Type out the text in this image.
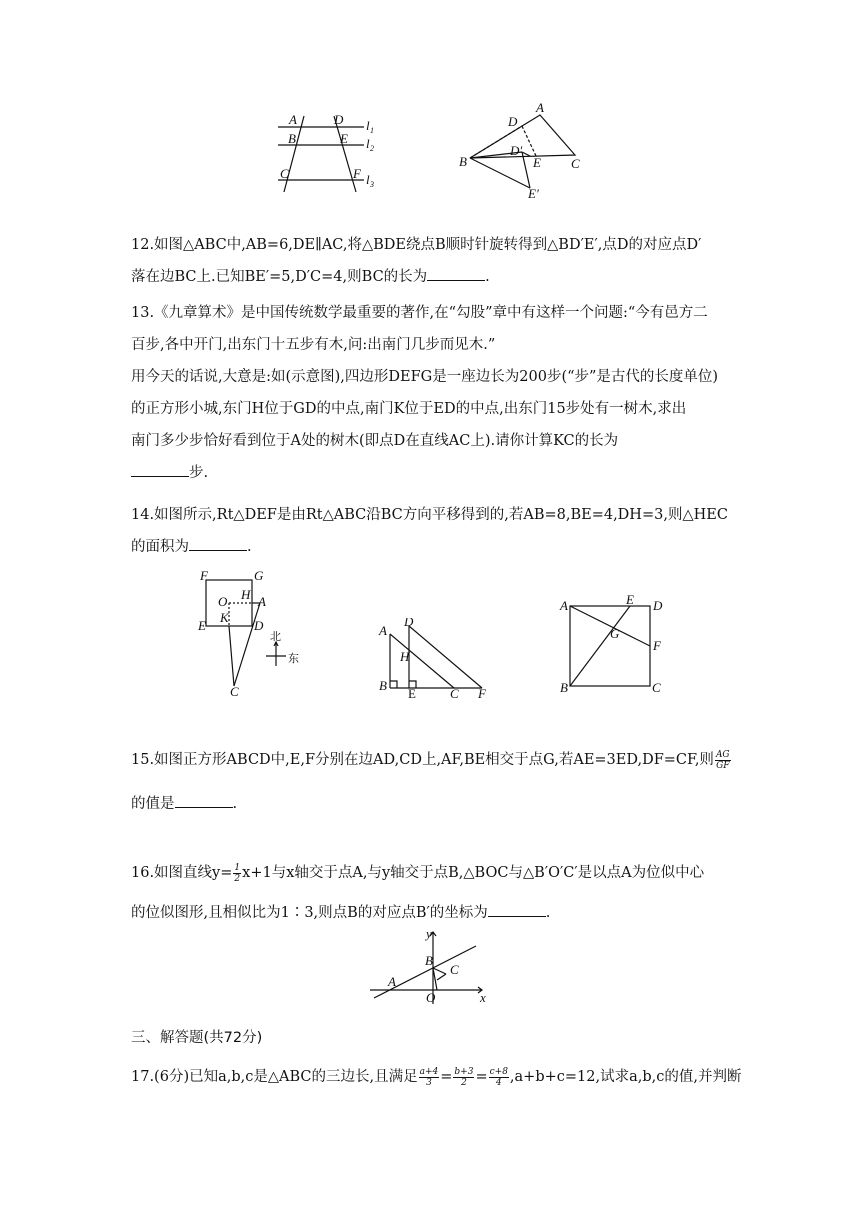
A	D l 1
B	E l 2
C	F l 3
A
D
D′
E
B	C
E′
12.如图△ABC中,AB=6,DE∥AC,将△BDE绕点B顺时针旋转得到△BD′E′,点D的对应点D′
落在边BC上.已知BE′=5,D′C=4,则BC的长为	.
13.《九章算术》是中国传统数学最重要的著作,在“勾股”章中有这样一个问题:“今有邑方二
百步,各中开门,出东门十五步有木,问:出南门几步而见木.”
用今天的话说,大意是:如(示意图),四边形DEFG是一座边长为200步(“步”是古代的长度单位)
的正方形小城,东门H位于GD的中点,南门K位于ED的中点,出东门15步处有一树木,求出
南门多少步恰好看到位于A处的树木(即点D在直线AC上).请你计算KC的长为
步.
14.如图所示,Rt△DEF是由Rt△ABC沿BC方向平移得到的,若AB=8,BE=4,DH=3,则△HEC
的面积为	.
F	G
H A
O
K
E	D
C
北
东
A
D
H
B
E	C F
A	E D
G
F
B	C
15.如图正方形ABCD中,E,F分别在边AD,CD上,AF,BE相交于点G,若AE=3ED,DF=CF,则 $\frac{AG}{GF}$
的值是	.
16.如图直线$y= \frac{1}{2} x+1$与x轴交于点A,与y轴交于点B,△BOC与△B′O′C′是以点A为位似中心
的位似图形,且相似比为1∶3,则点B的对应点B′的坐标为	.
y
B
C
A
O	x
三、解答题(共72分)
17.(6分)已知a,b,c是△ABC的三边长,且满足 $\frac{a+4}{3} = \frac{b+3}{2} = \frac{c+8}{4} ,a+b+c=12$,试求a,b,c的值,并判断
